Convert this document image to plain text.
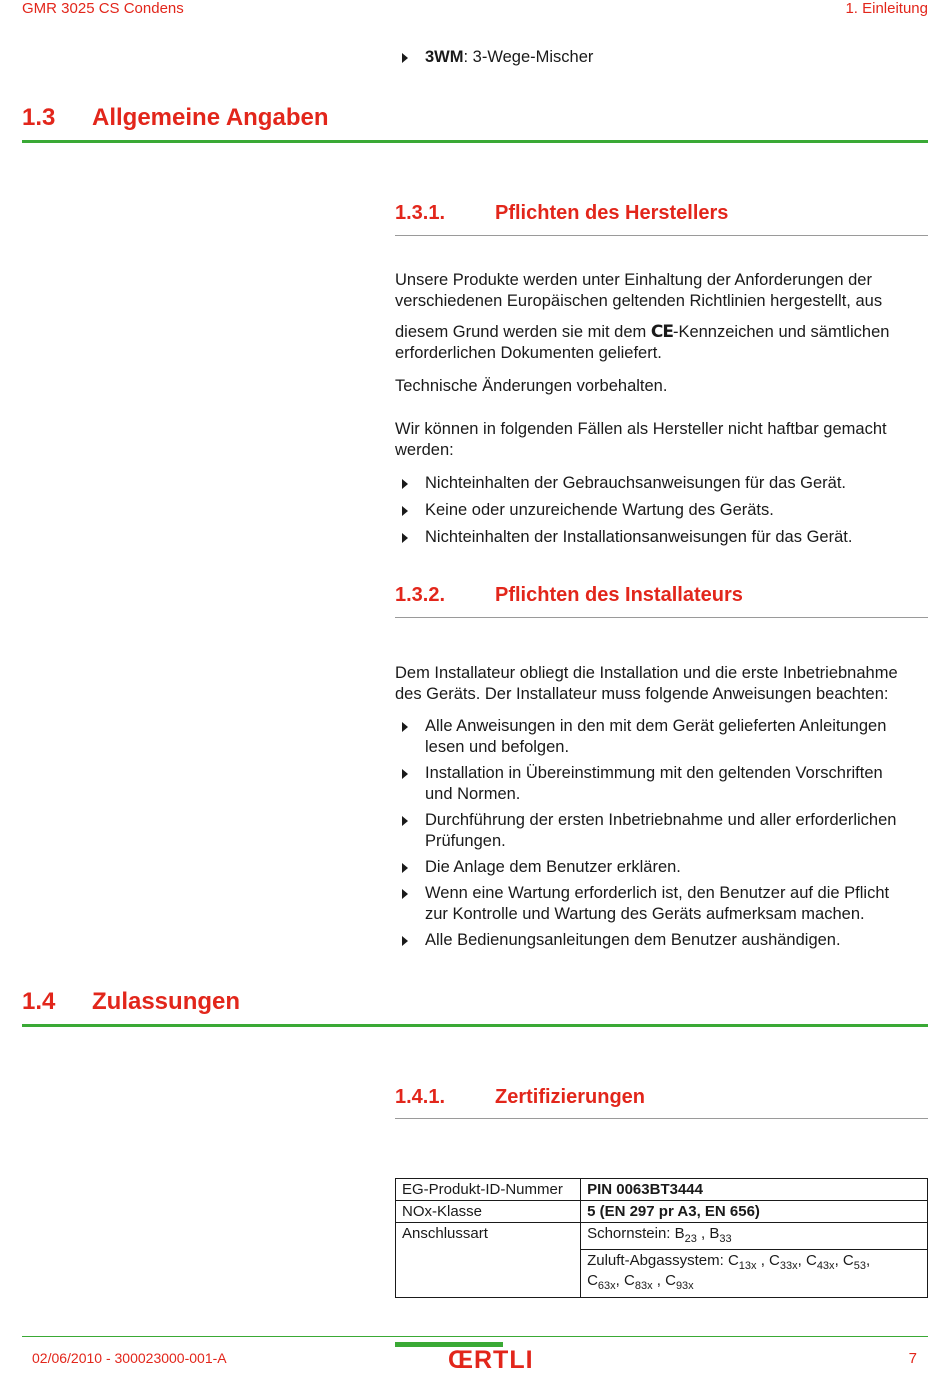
GMR 3025 CS Condens	1. Einleitung
3WM: 3-Wege-Mischer
1.3 Allgemeine Angaben
1.3.1. Pflichten des Herstellers
Unsere Produkte werden unter Einhaltung der Anforderungen der
verschiedenen Europäischen geltenden Richtlinien hergestellt, aus
diesem Grund werden sie mit dem CE-Kennzeichen und sämtlichen
erforderlichen Dokumenten geliefert.
Technische Änderungen vorbehalten.
Wir können in folgenden Fällen als Hersteller nicht haftbar gemacht
werden:
Nichteinhalten der Gebrauchsanweisungen für das Gerät.
Keine oder unzureichende Wartung des Geräts.
Nichteinhalten der Installationsanweisungen für das Gerät.
1.3.2. Pflichten des Installateurs
Dem Installateur obliegt die Installation und die erste Inbetriebnahme
des Geräts. Der Installateur muss folgende Anweisungen beachten:
Alle Anweisungen in den mit dem Gerät gelieferten Anleitungen
lesen und befolgen.
Installation in Übereinstimmung mit den geltenden Vorschriften
und Normen.
Durchführung der ersten Inbetriebnahme und aller erforderlichen
Prüfungen.
Die Anlage dem Benutzer erklären.
Wenn eine Wartung erforderlich ist, den Benutzer auf die Pflicht
zur Kontrolle und Wartung des Geräts aufmerksam machen.
Alle Bedienungsanleitungen dem Benutzer aushändigen.
1.4 Zulassungen
1.4.1. Zertifizierungen
EG-Produkt-ID-Nummer	PIN 0063BT3444
NOx-Klasse	5 (EN 297 pr A3, EN 656)
Anschlussart	Schornstein: $B_{23}$ , $B_{33}$
	Zuluft-Abgassystem: $C_{13x}$ , $C_{33x}$, $C_{43x}$, $C_{53}$,
$C_{63x}$, $C_{83x}$ , $C_{93x}$
02/06/2010 - 300023000-001-A	ŒRTLI	7
